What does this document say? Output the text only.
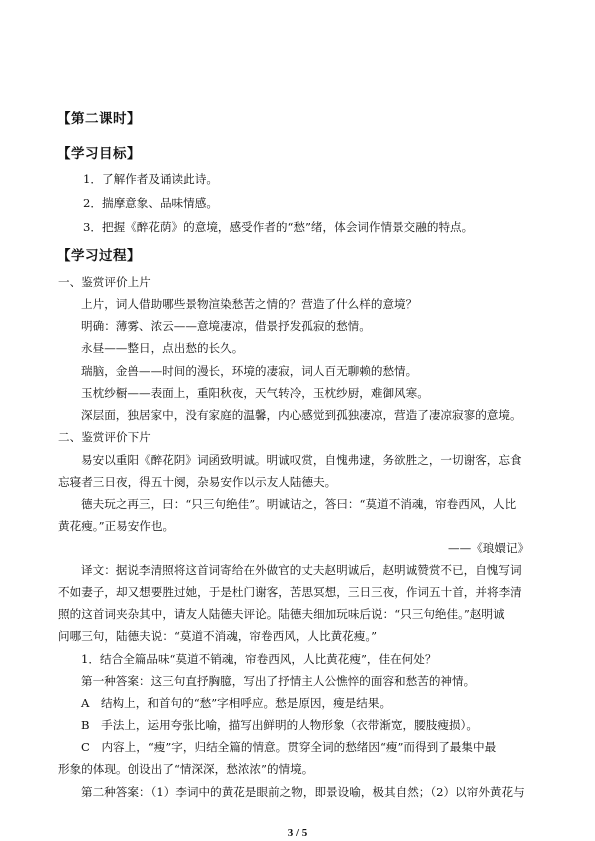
【第二课时】
【学习目标】
1．了解作者及诵读此诗。
2．揣摩意象、品味情感。
3．把握《醉花荫》的意境，感受作者的“愁”绪，体会词作情景交融的特点。
【学习过程】
一、鉴赏评价上片
上片，词人借助哪些景物渲染愁苦之情的？营造了什么样的意境？
明确：薄雾、浓云——意境凄凉，借景抒发孤寂的愁情。
永昼——整日，点出愁的长久。
瑞脑，金兽——时间的漫长，环境的凄寂，词人百无聊赖的愁情。
玉枕纱橱——表面上，重阳秋夜，天气转冷，玉枕纱厨，难御风寒。
深层面，独居家中，没有家庭的温馨，内心感觉到孤独凄凉，营造了凄凉寂寥的意境。
二、鉴赏评价下片
易安以重阳《醉花阴》词函致明诚。明诚叹赏，自愧弗逮，务欲胜之，一切谢客，忘食
忘寝者三日夜，得五十阕，杂易安作以示友人陆德夫。
德夫玩之再三，曰：“只三句绝佳”。明诚诘之，答曰：“莫道不消魂，帘卷西风，人比
黄花瘦。”正易安作也。
——《琅嬛记》
译文：据说李清照将这首词寄给在外做官的丈夫赵明诚后，赵明诚赞赏不已，自愧写词
不如妻子，却又想要胜过她，于是杜门谢客，苦思冥想，三日三夜，作词五十首，并将李清
照的这首词夹杂其中，请友人陆德夫评论。陆德夫细加玩味后说：“只三句绝佳。”赵明诚
问哪三句，陆德夫说：“莫道不消魂，帘卷西风，人比黄花瘦。”
1．结合全篇品味“莫道不销魂，帘卷西风，人比黄花瘦”，佳在何处？
第一种答案：这三句直抒胸臆，写出了抒情主人公憔悴的面容和愁苦的神情。
A　结构上，和首句的“愁”字相呼应。愁是原因，瘦是结果。
B　手法上，运用夸张比喻，描写出鲜明的人物形象（衣带渐宽，腰肢瘦损）。
C　内容上，“瘦”字，归结全篇的情意。贯穿全词的愁绪因“瘦”而得到了最集中最
形象的体现。创设出了“情深深，愁浓浓”的情境。
第二种答案：（1）李词中的黄花是眼前之物，即景设喻，极其自然；（2）以帘外黄花与
3 / 5
